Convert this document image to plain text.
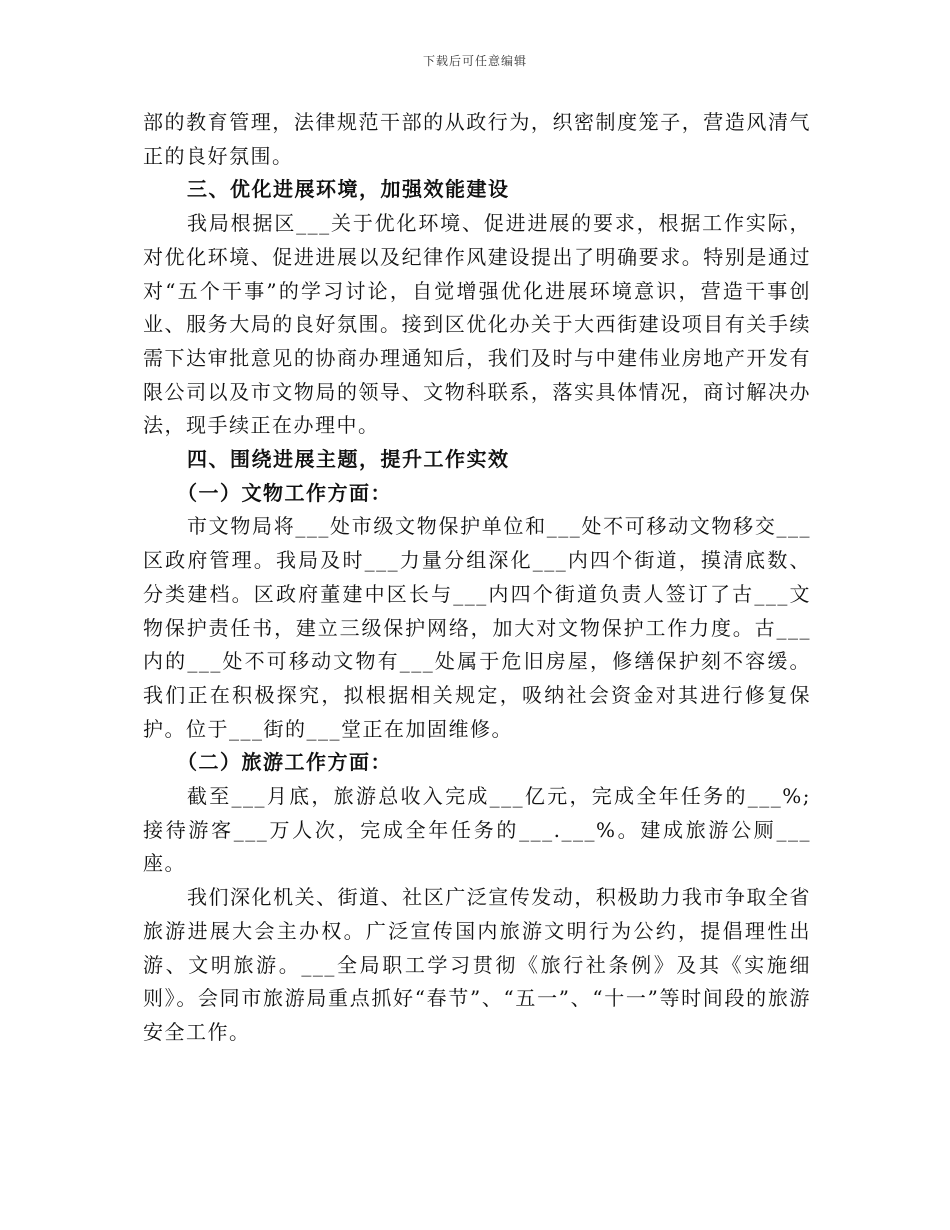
下载后可任意编辑

部的教育管理，法律规范干部的从政行为，织密制度笼子，营造风清气正的良好氛围。

三、优化进展环境，加强效能建设

我局根据区___关于优化环境、促进进展的要求，根据工作实际，对优化环境、促进进展以及纪律作风建设提出了明确要求。特别是通过对“五个干事”的学习讨论，自觉增强优化进展环境意识，营造干事创业、服务大局的良好氛围。接到区优化办关于大西街建设项目有关手续需下达审批意见的协商办理通知后，我们及时与中建伟业房地产开发有限公司以及市文物局的领导、文物科联系，落实具体情况，商讨解决办法，现手续正在办理中。

四、围绕进展主题，提升工作实效

（一）文物工作方面：

市文物局将___处市级文物保护单位和___处不可移动文物移交___区政府管理。我局及时___力量分组深化___内四个街道，摸清底数、分类建档。区政府董建中区长与___内四个街道负责人签订了古___文物保护责任书，建立三级保护网络，加大对文物保护工作力度。古___内的___处不可移动文物有___处属于危旧房屋，修缮保护刻不容缓。我们正在积极探究，拟根据相关规定，吸纳社会资金对其进行修复保护。位于___街的___堂正在加固维修。

（二）旅游工作方面：

截至___月底，旅游总收入完成___亿元，完成全年任务的___%;接待游客___万人次，完成全年任务的___.___%。建成旅游公厕___座。

我们深化机关、街道、社区广泛宣传发动，积极助力我市争取全省旅游进展大会主办权。广泛宣传国内旅游文明行为公约，提倡理性出游、文明旅游。___全局职工学习贯彻《旅行社条例》及其《实施细则》。会同市旅游局重点抓好“春节”、“五一”、“十一”等时间段的旅游安全工作。
